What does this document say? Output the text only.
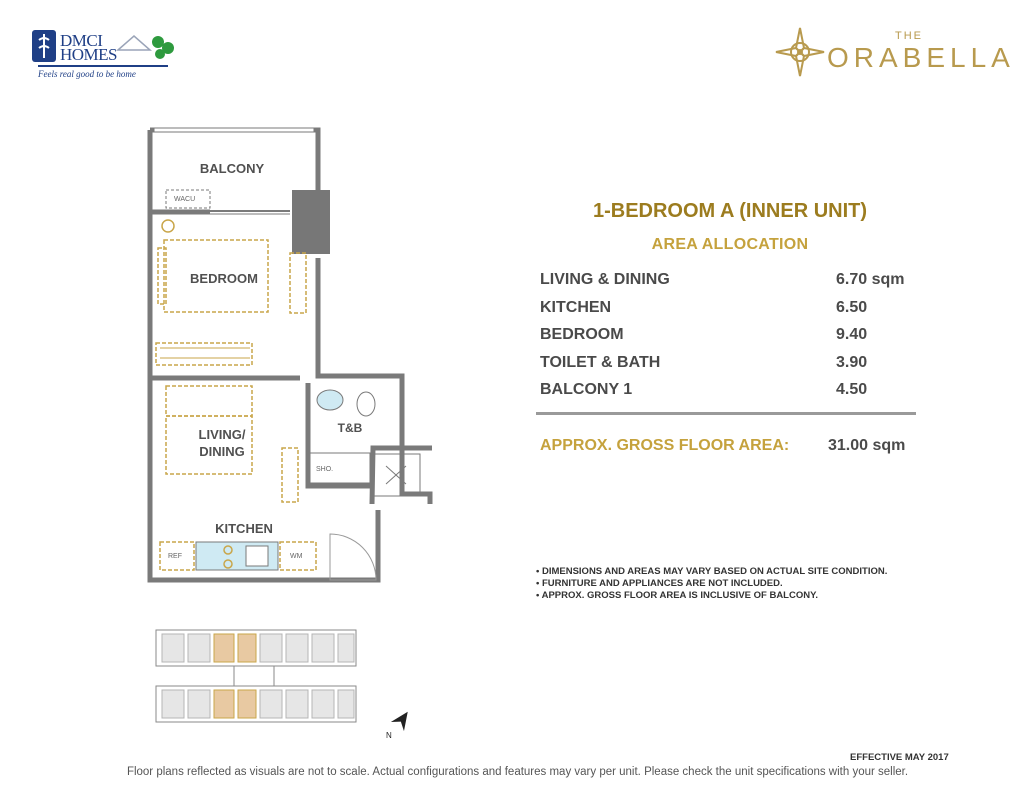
DMCI
HOMES
Feels real good to be home
THE
ORABELLA
BALCONY
WACU
BEDROOM
LIVING/
DINING
T&B
SHO.
KITCHEN
REF	WM
N
1-BEDROOM A (INNER UNIT)
AREA ALLOCATION
LIVING & DINING	6.70 sqm
KITCHEN	6.50
BEDROOM	9.40
TOILET & BATH	3.90
BALCONY 1	4.50
APPROX. GROSS FLOOR AREA: 31.00 sqm
• DIMENSIONS AND AREAS MAY VARY BASED ON ACTUAL SITE CONDITION.
• FURNITURE AND APPLIANCES ARE NOT INCLUDED.
• APPROX. GROSS FLOOR AREA IS INCLUSIVE OF BALCONY.
EFFECTIVE MAY 2017
Floor plans reflected as visuals are not to scale. Actual configurations and features may vary per unit. Please check the unit specifications with your seller.
